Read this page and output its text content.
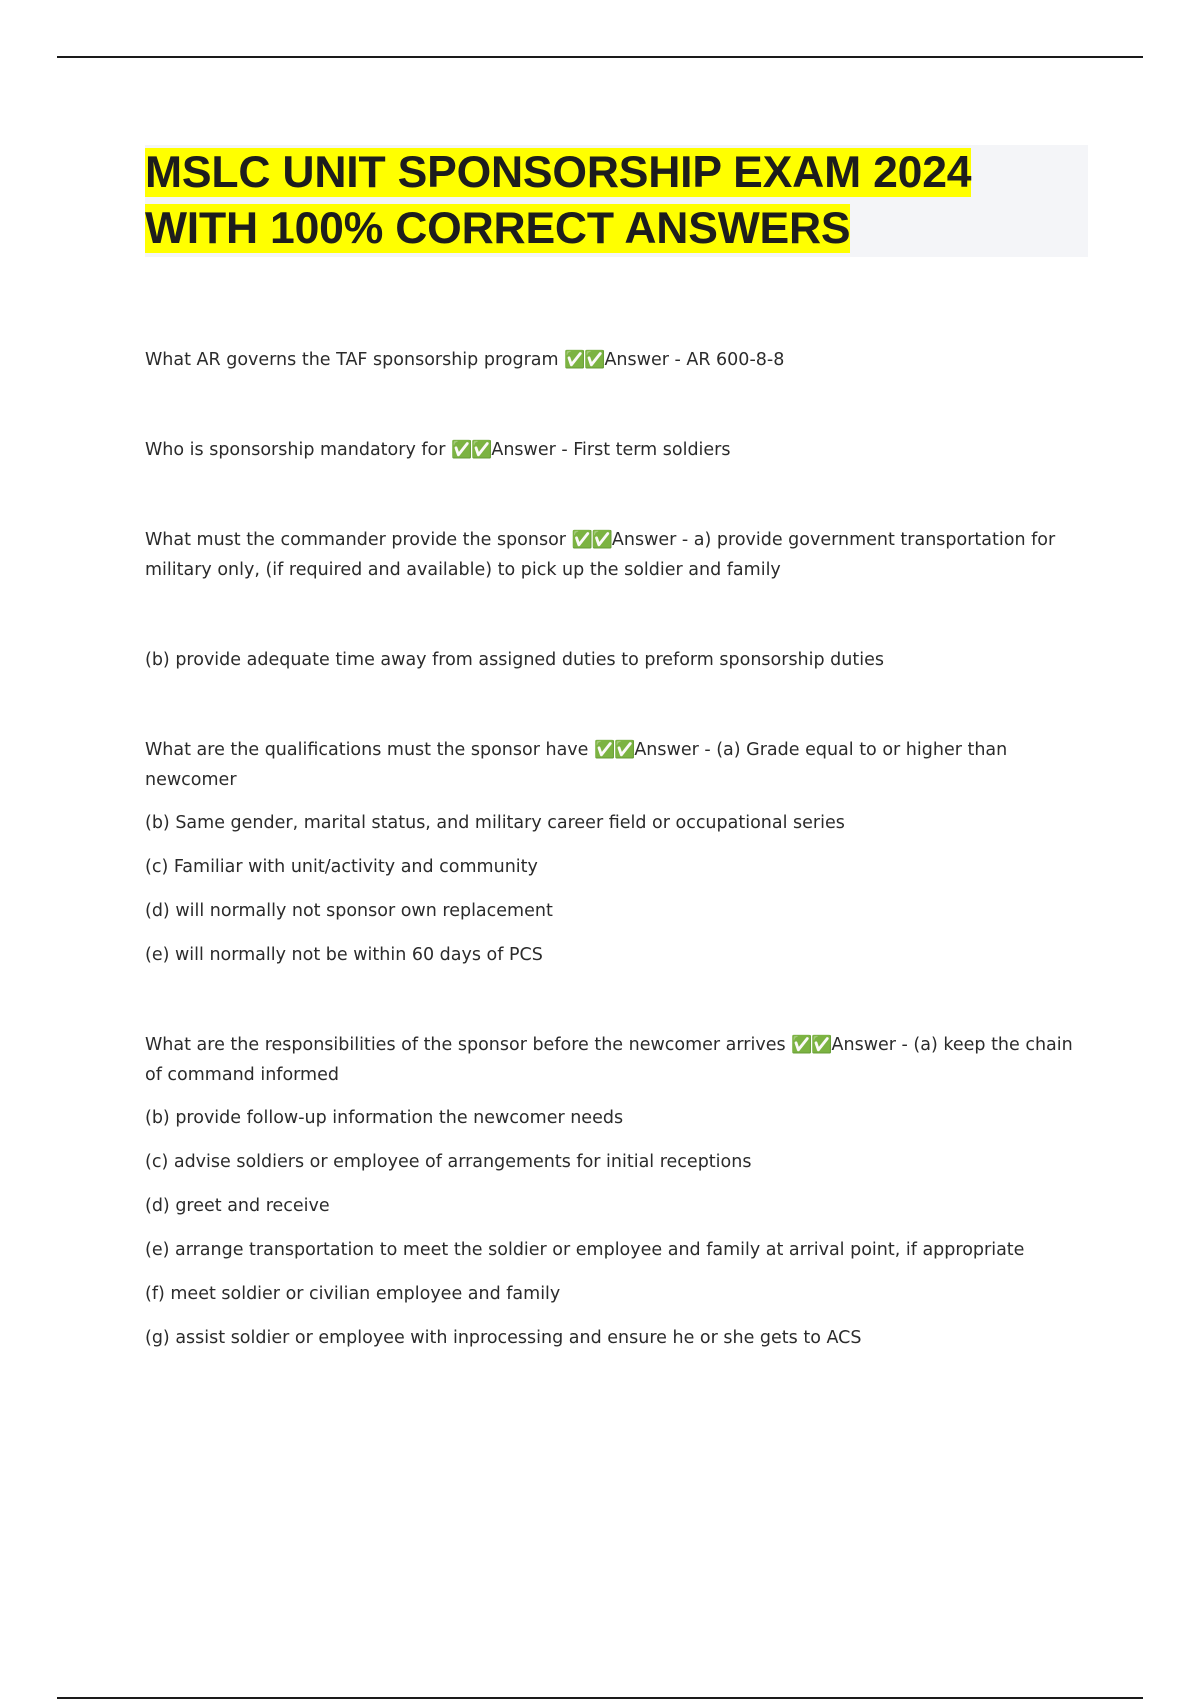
MSLC UNIT SPONSORSHIP EXAM 2024
WITH 100% CORRECT ANSWERS

What AR governs the TAF sponsorship program ✅✅Answer - AR 600-8-8

Who is sponsorship mandatory for ✅✅Answer - First term soldiers

What must the commander provide the sponsor ✅✅Answer - a) provide government transportation for military only, (if required and available) to pick up the soldier and family

(b) provide adequate time away from assigned duties to preform sponsorship duties

What are the qualifications must the sponsor have ✅✅Answer - (a) Grade equal to or higher than newcomer

(b) Same gender, marital status, and military career field or occupational series

(c) Familiar with unit/activity and community

(d) will normally not sponsor own replacement

(e) will normally not be within 60 days of PCS

What are the responsibilities of the sponsor before the newcomer arrives ✅✅Answer - (a) keep the chain of command informed

(b) provide follow-up information the newcomer needs

(c) advise soldiers or employee of arrangements for initial receptions

(d) greet and receive

(e) arrange transportation to meet the soldier or employee and family at arrival point, if appropriate

(f) meet soldier or civilian employee and family

(g) assist soldier or employee with inprocessing and ensure he or she gets to ACS
